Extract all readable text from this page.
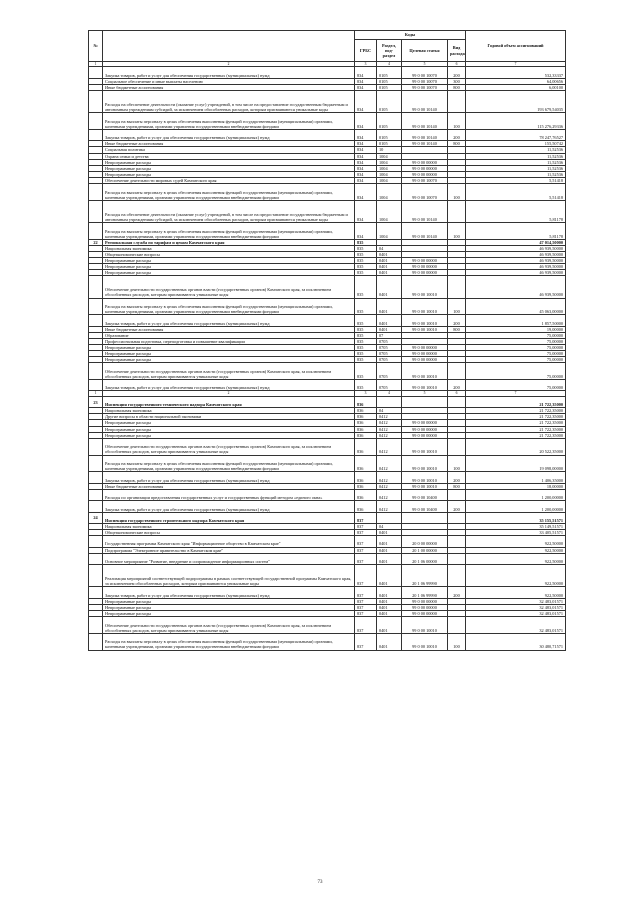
№		Коды				Годовой объем ассигнований
		ГРБС	Раздел, под-раздел	Целевая статья	Вид расхода	
1	2	3	4	5	6	7
	Закупка товаров, работ и услуг для обеспечения государственных (муниципальных) нужд	834	0105	99 0 00 10070	200	532,33337
	Социальное обеспечение и иные выплаты населению	834	0105	99 0 00 10070	300	64,00656
	Иные бюджетные ассигнования	834	0105	99 0 00 10070	800	6,00100
	Расходы на обеспечение деятельности (оказание услуг) учреждений, в том числе на предоставление государственным бюджетным и автономным учреждениям субсидий, за исключением обособленных расходов, которым присваиваются уникальные коды	834	0105	99 0 00 10140		193 679,54035
	Расходы на выплаты персоналу в целях обеспечения выполнения функций государственными (муниципальными) органами, казенными учреждениями, органами управления государственными внебюджетными фондами	834	0105	99 0 00 10140	100	115 276,29336
	Закупка товаров, работ и услуг для обеспечения государственных (муниципальных) нужд	834	0105	99 0 00 10140	200	78 247,76527
	Иные бюджетные ассигнования	834	0105	99 0 00 10140	800	155,50742
	Социальная политика	834	10			11,52536
	Охрана семьи и детства	834	1004			11,52536
	Непрограммные расходы	834	1004	99 0 00 00000		11,52536
	Непрограммные расходы	834	1004	99 0 00 00000		11,52536
	Непрограммные расходы	834	1004	99 0 00 00000		11,52536
	Обеспечение деятельности мировых судей Камчатского края	834	1004	99 0 00 10070		5,51418
	Расходы на выплаты персоналу в целях обеспечения выполнения функций государственными (муниципальными) органами, казенными учреждениями, органами управления государственными внебюджетными фондами	834	1004	99 0 00 10070	100	5,51418
	Расходы на обеспечение деятельности (оказание услуг) учреждений, в том числе на предоставление государственным бюджетным и автономным учреждениям субсидий, за исключением обособленных расходов, которым присваиваются уникальные коды	834	1004	99 0 00 10140		5,81178
	Расходы на выплаты персоналу в целях обеспечения выполнения функций государственными (муниципальными) органами, казенными учреждениями, органами управления государственными внебюджетными фондами	834	1004	99 0 00 10140	100	5,81178
22	Региональная служба по тарифам и ценам Камчатского края	835				47 014,50000
	Национальная экономика	835	04			46 939,50000
	Общеэкономические вопросы	835	0401			46 939,50000
	Непрограммные расходы	835	0401	99 0 00 00000		46 939,50000
	Непрограммные расходы	835	0401	99 0 00 00000		46 939,50000
	Непрограммные расходы	835	0401	99 0 00 00000		46 939,50000
	Обеспечение деятельности государственных органов власти (государственных органов) Камчатского края, за исключением обособленных расходов, которым присваиваются уникальные коды	835	0401	99 0 00 10010		46 939,50000
	Расходы на выплаты персоналу в целях обеспечения выполнения функций государственными (муниципальными) органами, казенными учреждениями, органами управления государственными внебюджетными фондами	835	0401	99 0 00 10010	100	45 063,00000
	Закупка товаров, работ и услуг для обеспечения государственных (муниципальных) нужд	835	0401	99 0 00 10010	200	1 857,50000
	Иные бюджетные ассигнования	835	0401	99 0 00 10010	800	19,00000
	Образование	835	07			75,00000
	Профессиональная подготовка, переподготовка и повышение квалификации	835	0705			75,00000
	Непрограммные расходы	835	0705	99 0 00 00000		75,00000
	Непрограммные расходы	835	0705	99 0 00 00000		75,00000
	Непрограммные расходы	835	0705	99 0 00 00000		75,00000
	Обеспечение деятельности государственных органов власти (государственных органов) Камчатского края, за исключением обособленных расходов, которым присваиваются уникальные коды	835	0705	99 0 00 10010		75,00000
	Закупка товаров, работ и услуг для обеспечения государственных (муниципальных) нужд	835	0705	99 0 00 10010	200	75,00000
1	2	3	4	5	6	7
23	Инспекция государственного технического надзора Камчатского края	836				21 722,35000
	Национальная экономика	836	04			21 722,35000
	Другие вопросы в области национальной экономики	836	0412			21 722,35000
	Непрограммные расходы	836	0412	99 0 00 00000		21 722,35000
	Непрограммные расходы	836	0412	99 0 00 00000		21 722,35000
	Непрограммные расходы	836	0412	99 0 00 00000		21 722,35000
	Обеспечение деятельности государственных органов власти (государственных органов) Камчатского края, за исключением обособленных расходов, которым присваиваются уникальные коды	836	0412	99 0 00 10010		20 522,35000
	Расходы на выплаты персоналу в целях обеспечения выполнения функций государственными (муниципальными) органами, казенными учреждениями, органами управления государственными внебюджетными фондами	836	0412	99 0 00 10010	100	19 098,00000
	Закупка товаров, работ и услуг для обеспечения государственных (муниципальных) нужд	836	0412	99 0 00 10010	200	1 406,35000
	Иные бюджетные ассигнования	836	0412	99 0 00 10010	800	18,00000
	Расходы по организации предоставления государственных услуг и государственных функций методом «единого окна»	836	0412	99 0 00 10400		1 200,00000
	Закупка товаров, работ и услуг для обеспечения государственных (муниципальных) нужд	836	0412	99 0 00 10400	200	1 200,00000
24	Инспекция государственного строительного надзора Камчатского края	837				35 155,51571
	Национальная экономика	837	04			35 149,51571
	Общеэкономические вопросы	837	0401			33 405,51571
	Государственная программа Камчатского края "Информационное общество в Камчатском крае"	837	0401	20 0 00 00000		922,50000
	Подпрограмма "Электронное правительство в Камчатском крае"	837	0401	20 1 00 00000		922,50000
	Основное мероприятие "Развитие, внедрение и сопровождение информационных систем"	837	0401	20 1 06 00000		922,50000
	Реализация мероприятий соответствующей подпрограммы в рамках соответствующей государственной программы Камчатского края, за исключением обособленных расходов, которым присваиваются уникальные коды	837	0401	20 1 06 99990		922,50000
	Закупка товаров, работ и услуг для обеспечения государственных (муниципальных) нужд	837	0401	20 1 06 99990	200	922,50000
	Непрограммные расходы	837	0401	99 0 00 00000		32 483,01571
	Непрограммные расходы	837	0401	99 0 00 00000		32 483,01571
	Непрограммные расходы	837	0401	99 0 00 00000		32 483,01571
	Обеспечение деятельности государственных органов власти (государственных органов) Камчатского края, за исключением обособленных расходов, которым присваиваются уникальные коды	837	0401	99 0 00 10010		32 483,01571
	Расходы на выплаты персоналу в целях обеспечения выполнения функций государственными (муниципальными) органами, казенными учреждениями, органами управления государственными внебюджетными фондами	837	0401	99 0 00 10010	100	30 480,71571
73
